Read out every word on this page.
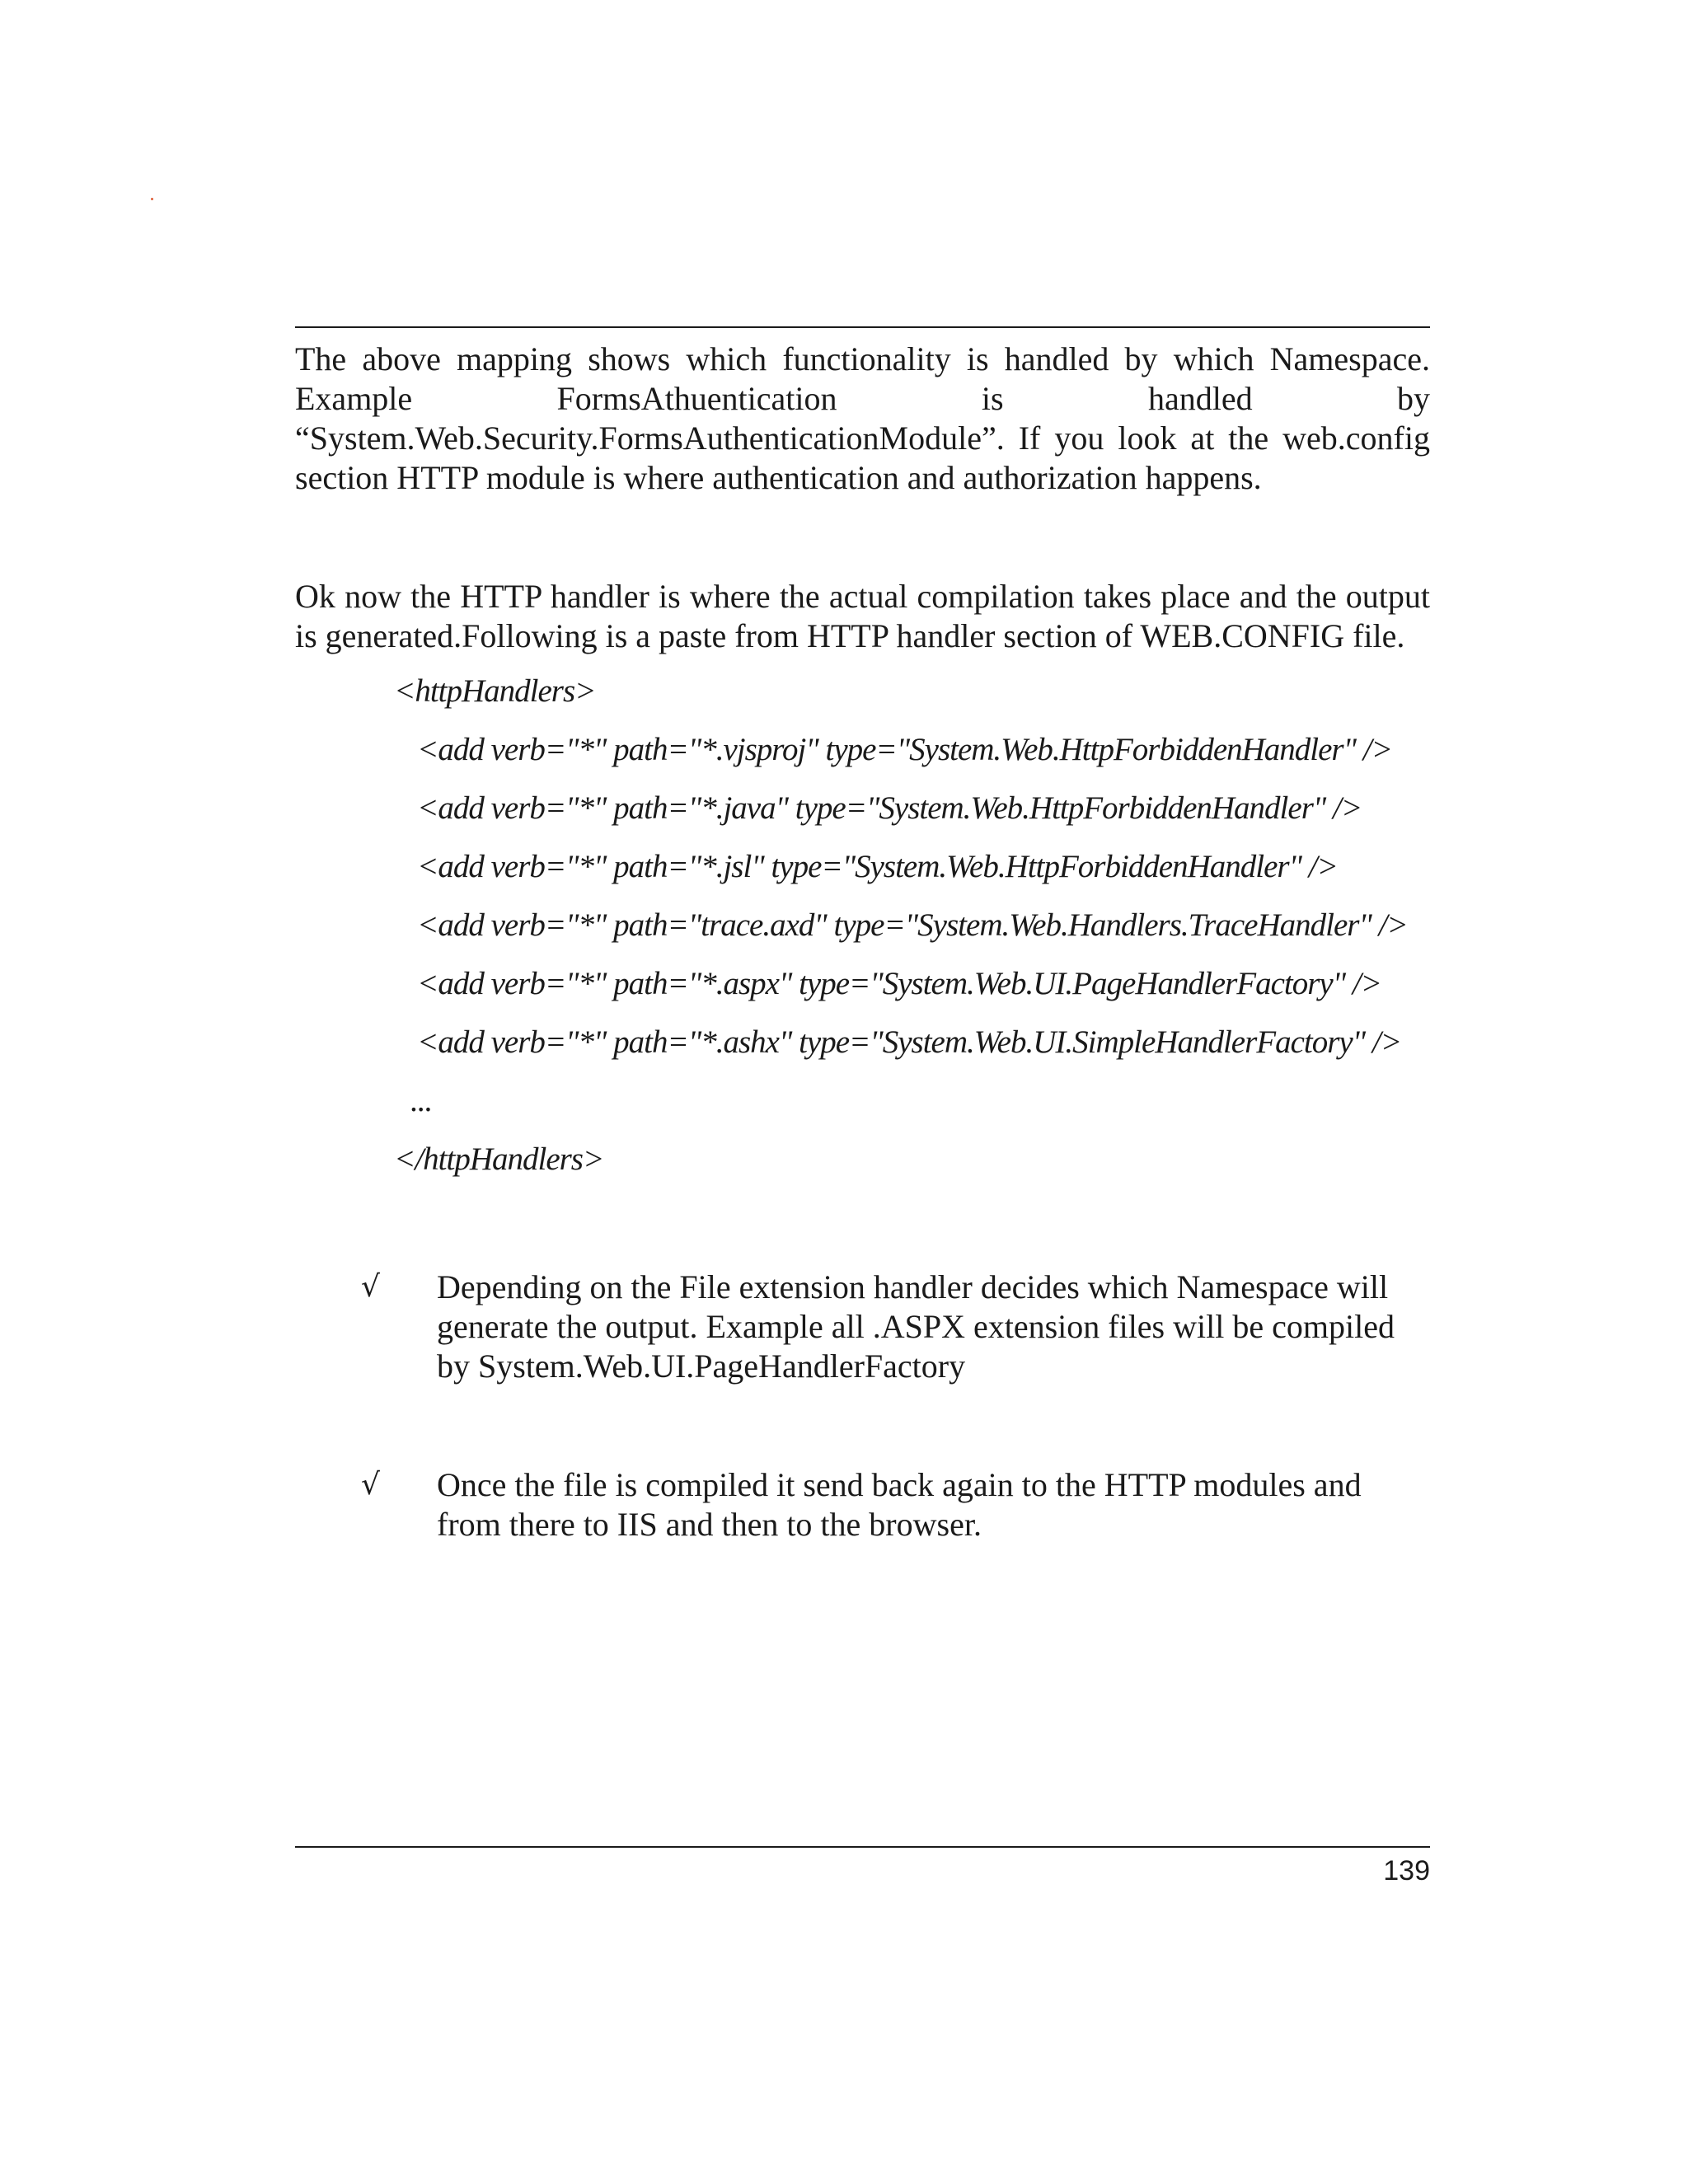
The above mapping shows which functionality is handled by which Namespace. Example FormsAthuentication is handled by “System.Web.Security.FormsAuthenticationModule”. If you look at the web.config section HTTP module is where authentication and authorization happens.

Ok now the HTTP handler is where the actual compilation takes place and the output is generated.Following is a paste from HTTP handler section of WEB.CONFIG file.

<httpHandlers>
<add verb="*" path="*.vjsproj" type="System.Web.HttpForbiddenHandler" />
<add verb="*" path="*.java" type="System.Web.HttpForbiddenHandler" />
<add verb="*" path="*.jsl" type="System.Web.HttpForbiddenHandler" />
<add verb="*" path="trace.axd" type="System.Web.Handlers.TraceHandler" />
<add verb="*" path="*.aspx" type="System.Web.UI.PageHandlerFactory" />
<add verb="*" path="*.ashx" type="System.Web.UI.SimpleHandlerFactory" />
...
</httpHandlers>
√ Depending on the File extension handler decides which Namespace will generate the output. Example all .ASPX extension files will be compiled by System.Web.UI.PageHandlerFactory

√ Once the file is compiled it send back again to the HTTP modules and from there to IIS and then to the browser.

139
